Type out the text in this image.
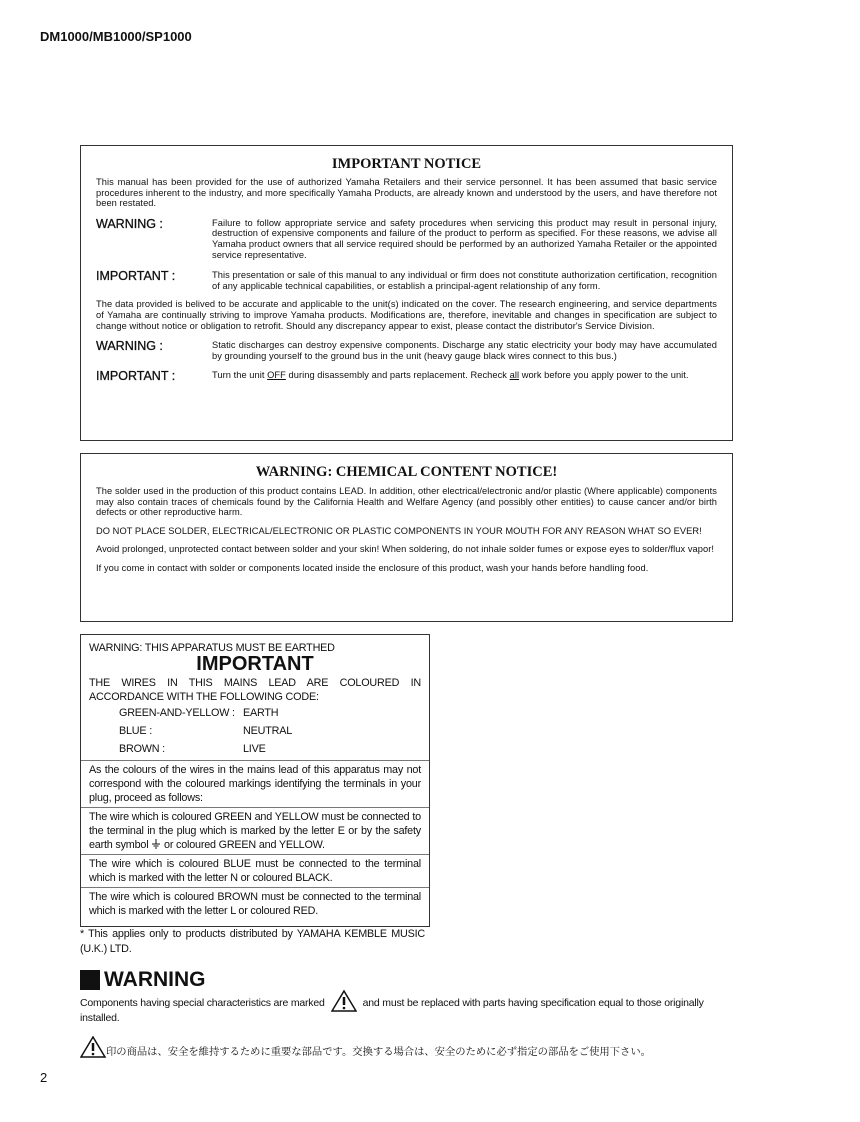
DM1000/MB1000/SP1000
IMPORTANT NOTICE
This manual has been provided for the use of authorized Yamaha Retailers and their service personnel. It has been assumed that basic service procedures inherent to the industry, and more specifically Yamaha Products, are already known and understood by the users, and have therefore not been restated.
WARNING :	Failure to follow appropriate service and safety procedures when servicing this product may result in personal injury, destruction of expensive components and failure of the product to perform as specified. For these reasons, we advise all Yamaha product owners that all service required should be performed by an authorized Yamaha Retailer or the appointed service representative.
IMPORTANT :	This presentation or sale of this manual to any individual or firm does not constitute authorization certification, recognition of any applicable technical capabilities, or establish a principal-agent relationship of any form.
The data provided is belived to be accurate and applicable to the unit(s) indicated on the cover. The research engineering, and service departments of Yamaha are continually striving to improve Yamaha products. Modifications are, therefore, inevitable and changes in specification are subject to change without notice or obligation to retrofit. Should any discrepancy appear to exist, please contact the distributor's Service Division.
WARNING :	Static discharges can destroy expensive components. Discharge any static electricity your body may have accumulated by grounding yourself to the ground bus in the unit (heavy gauge black wires connect to this bus.)
IMPORTANT :	Turn the unit OFF during disassembly and parts replacement. Recheck all work before you apply power to the unit.
WARNING: CHEMICAL CONTENT NOTICE!
The solder used in the production of this product contains LEAD. In addition, other electrical/electronic and/or plastic (Where applicable) components may also contain traces of chemicals found by the California Health and Welfare Agency (and possibly other entities) to cause cancer and/or birth defects or other reproductive harm.
DO NOT PLACE SOLDER, ELECTRICAL/ELECTRONIC OR PLASTIC COMPONENTS IN YOUR MOUTH FOR ANY REASON WHAT SO EVER!
Avoid prolonged, unprotected contact between solder and your skin! When soldering, do not inhale solder fumes or expose eyes to solder/flux vapor!
If you come in contact with solder or components located inside the enclosure of this product, wash your hands before handling food.
WARNING: THIS APPARATUS MUST BE EARTHED
IMPORTANT
THE WIRES IN THIS MAINS LEAD ARE COLOURED IN ACCORDANCE WITH THE FOLLOWING CODE:
GREEN-AND-YELLOW : EARTH
BLUE :	NEUTRAL
BROWN :	LIVE
As the colours of the wires in the mains lead of this apparatus may not correspond with the coloured markings identifying the terminals in your plug, proceed as follows:
The wire which is coloured GREEN and YELLOW must be connected to the terminal in the plug which is marked by the letter E or by the safety earth symbol  or coloured GREEN and YELLOW.
The wire which is coloured BLUE must be connected to the terminal which is marked with the letter N or coloured BLACK.
The wire which is coloured BROWN must be connected to the terminal which is marked with the letter L or coloured RED.
* This applies only to products distributed by YAMAHA KEMBLE MUSIC (U.K.) LTD.
WARNING
Components having special characteristics are marked	and must be replaced with parts having specification equal to those originally installed.
印の商品は、安全を維持するために重要な部品です。交換する場合は、安全のために必ず指定の部品をご使用下さい。
2
